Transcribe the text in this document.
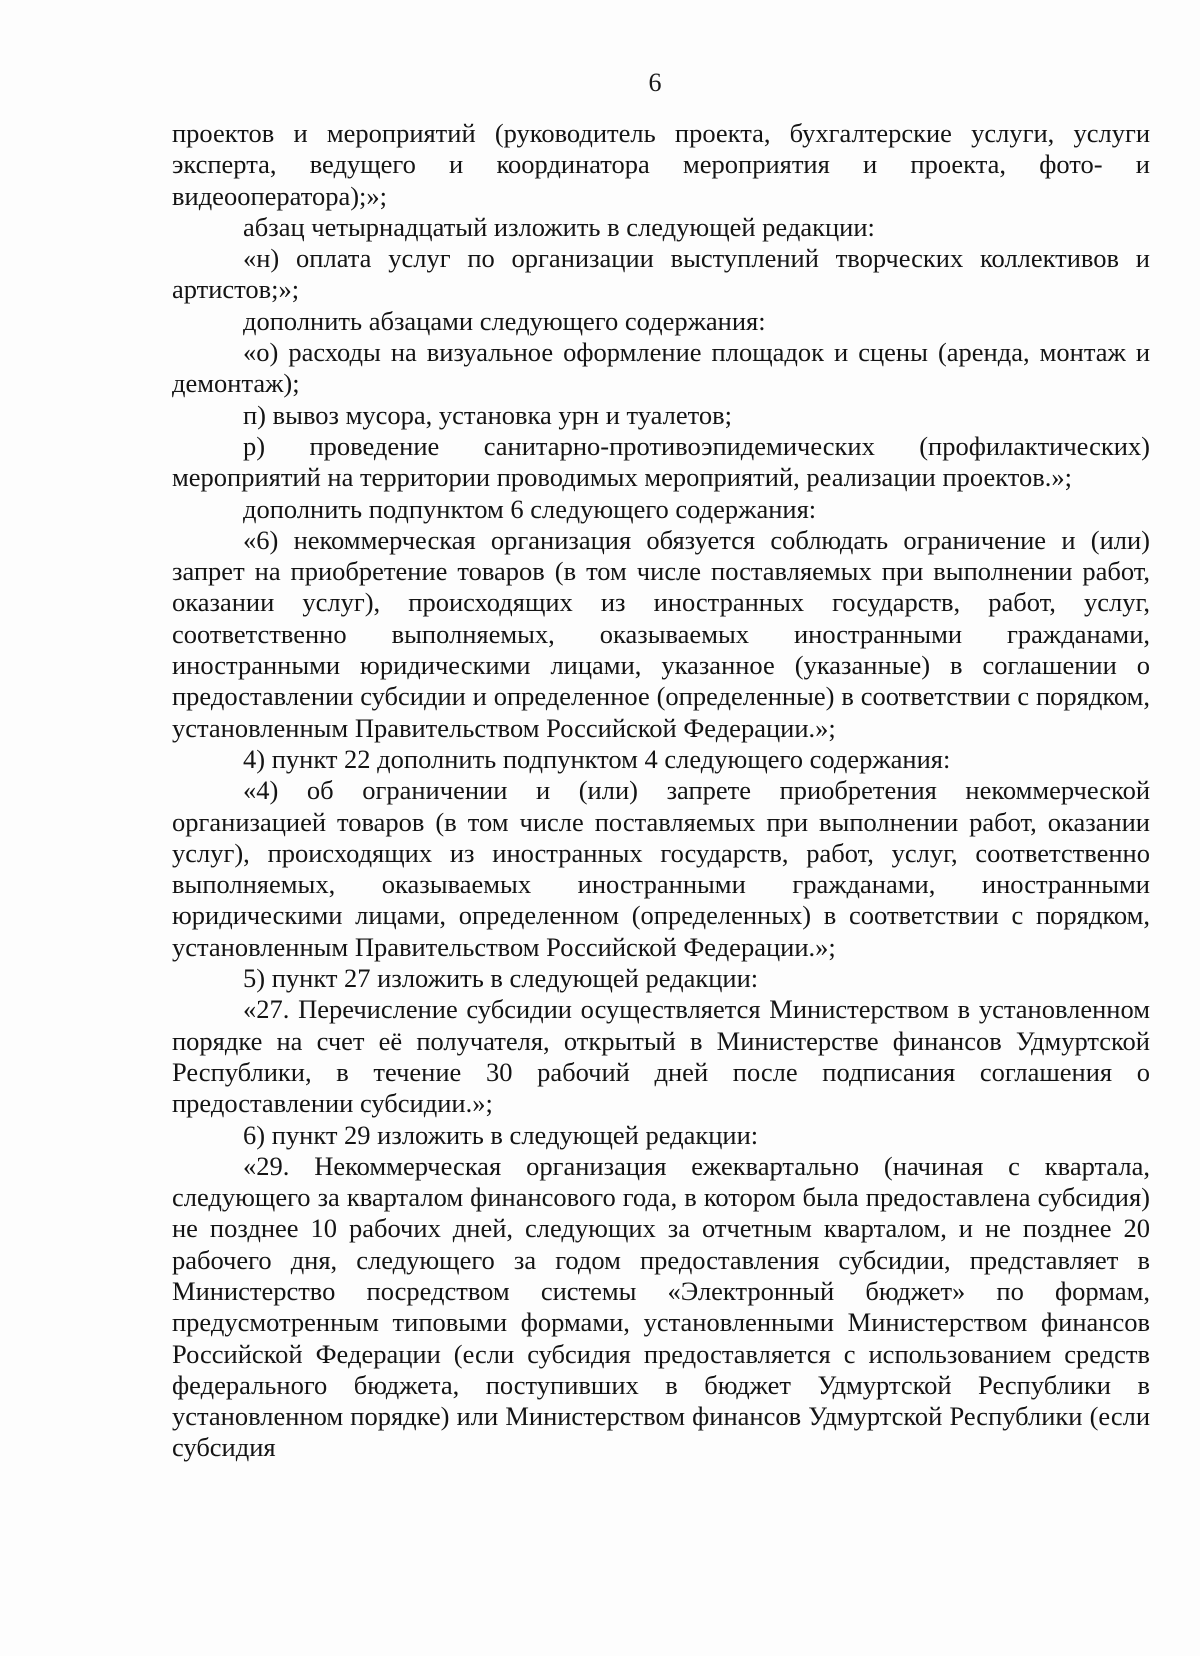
6

проектов и мероприятий (руководитель проекта, бухгалтерские услуги, услуги эксперта, ведущего и координатора мероприятия и проекта, фото- и видеооператора);»;

абзац четырнадцатый изложить в следующей редакции:

«н) оплата услуг по организации выступлений творческих коллективов и артистов;»;

дополнить абзацами следующего содержания:

«о) расходы на визуальное оформление площадок и сцены (аренда, монтаж и демонтаж);

п) вывоз мусора, установка урн и туалетов;

р) проведение санитарно-противоэпидемических (профилактических) мероприятий на территории проводимых мероприятий, реализации проектов.»;

дополнить подпунктом 6 следующего содержания:

«6) некоммерческая организация обязуется соблюдать ограничение и (или) запрет на приобретение товаров (в том числе поставляемых при выполнении работ, оказании услуг), происходящих из иностранных государств, работ, услуг, соответственно выполняемых, оказываемых иностранными гражданами, иностранными юридическими лицами, указанное (указанные) в соглашении о предоставлении субсидии и определенное (определенные) в соответствии с порядком, установленным Правительством Российской Федерации.»;

4) пункт 22 дополнить подпунктом 4 следующего содержания:

«4) об ограничении и (или) запрете приобретения некоммерческой организацией товаров (в том числе поставляемых при выполнении работ, оказании услуг), происходящих из иностранных государств, работ, услуг, соответственно выполняемых, оказываемых иностранными гражданами, иностранными юридическими лицами, определенном (определенных) в соответствии с порядком, установленным Правительством Российской Федерации.»;

5) пункт 27 изложить в следующей редакции:

«27. Перечисление субсидии осуществляется Министерством в установленном порядке на счет её получателя, открытый в Министерстве финансов Удмуртской Республики, в течение 30 рабочий дней после подписания соглашения о предоставлении субсидии.»;

6) пункт 29 изложить в следующей редакции:

«29. Некоммерческая организация ежеквартально (начиная с квартала, следующего за кварталом финансового года, в котором была предоставлена субсидия) не позднее 10 рабочих дней, следующих за отчетным кварталом, и не позднее 20 рабочего дня, следующего за годом предоставления субсидии, представляет в Министерство посредством системы «Электронный бюджет» по формам, предусмотренным типовыми формами, установленными Министерством финансов Российской Федерации (если субсидия предоставляется с использованием средств федерального бюджета, поступивших в бюджет Удмуртской Республики в установленном порядке) или Министерством финансов Удмуртской Республики (если субсидия
